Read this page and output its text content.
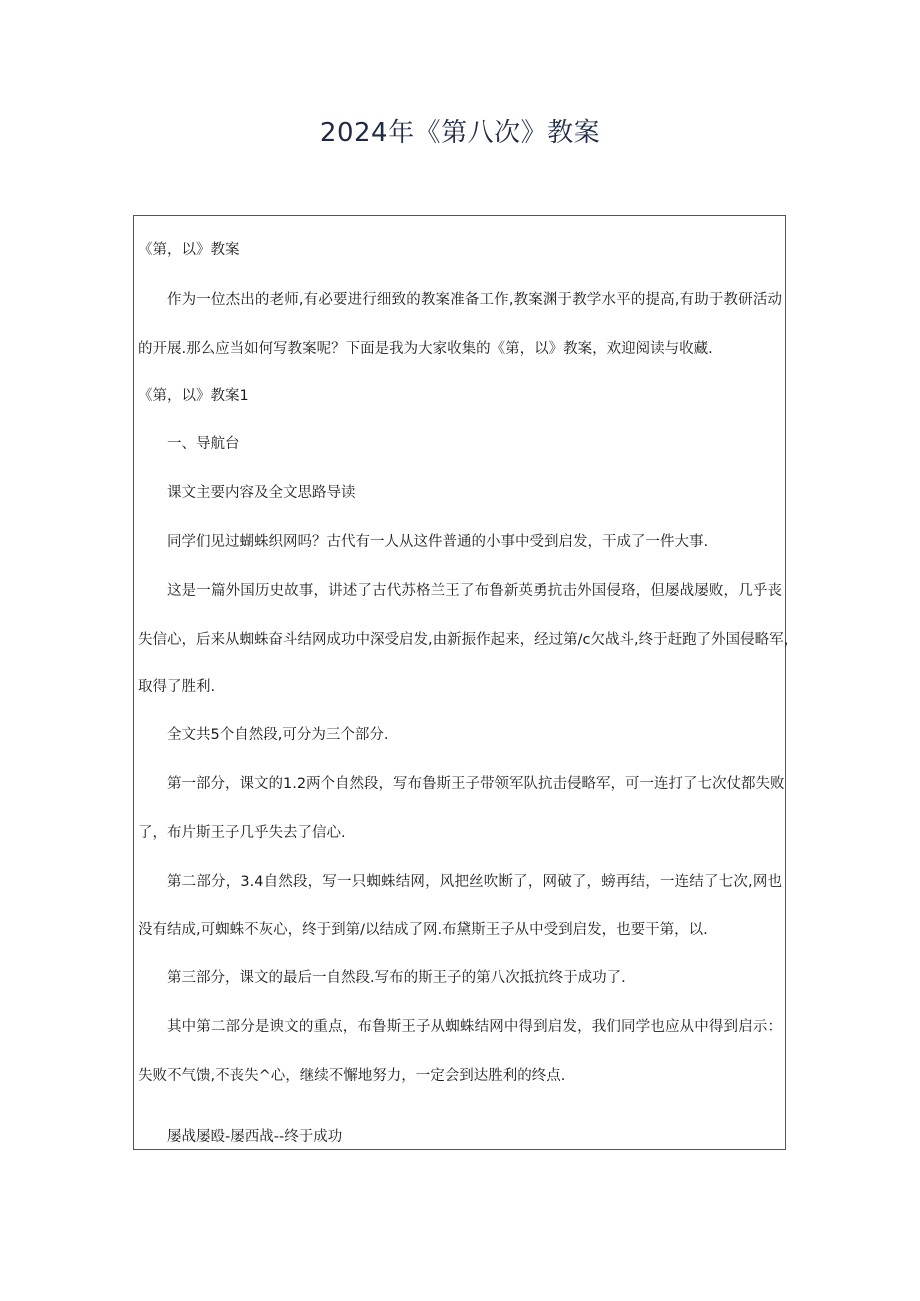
2024年《第八次》教案

《第，以》教案

作为一位杰出的老师,有必要进行细致的教案准备工作,教案渊于教学水平的提高,有助于教研活动

的开展.那么应当如何写教案呢？下面是我为大家收集的《第，以》教案，欢迎阅读与收藏.

《第，以》教案1

一、导航台

课文主要内容及全文思路导读

同学们见过蝴蛛织网吗？古代有一人从这件普通的小事中受到启发，干成了一件大事.

这是一篇外国历史故事，讲述了古代苏格兰王了布鲁新英勇抗击外国侵珞，但屡战屡败，几乎丧

失信心，后来从蜘蛛奋斗结网成功中深受启发,由新振作起来，经过第/c欠战斗,终于赶跑了外国侵略军，

取得了胜利.

全文共5个自然段,可分为三个部分.

第一部分，课文的1.2两个自然段，写布鲁斯王子带领军队抗击侵略军，可一连打了七次仗都失败

了，布片斯王子几乎失去了信心.

第二部分，3.4自然段，写一只蜘蛛结网，风把丝吹断了，网破了，螃再结，一连结了七次,网也

没有结成,可蜘蛛不灰心，终于到第/以结成了网.布黛斯王子从中受到启发，也要干第，以.

第三部分，课文的最后一自然段.写布的斯王子的第八次抵抗终于成功了.

其中第二部分是谀文的重点，布鲁斯王子从蜘蛛结网中得到启发，我们同学也应从中得到启示：

失败不气馈,不丧失^心，继续不懈地努力，一定会到达胜利的终点.

屡战屡殴-屡西战--终于成功
